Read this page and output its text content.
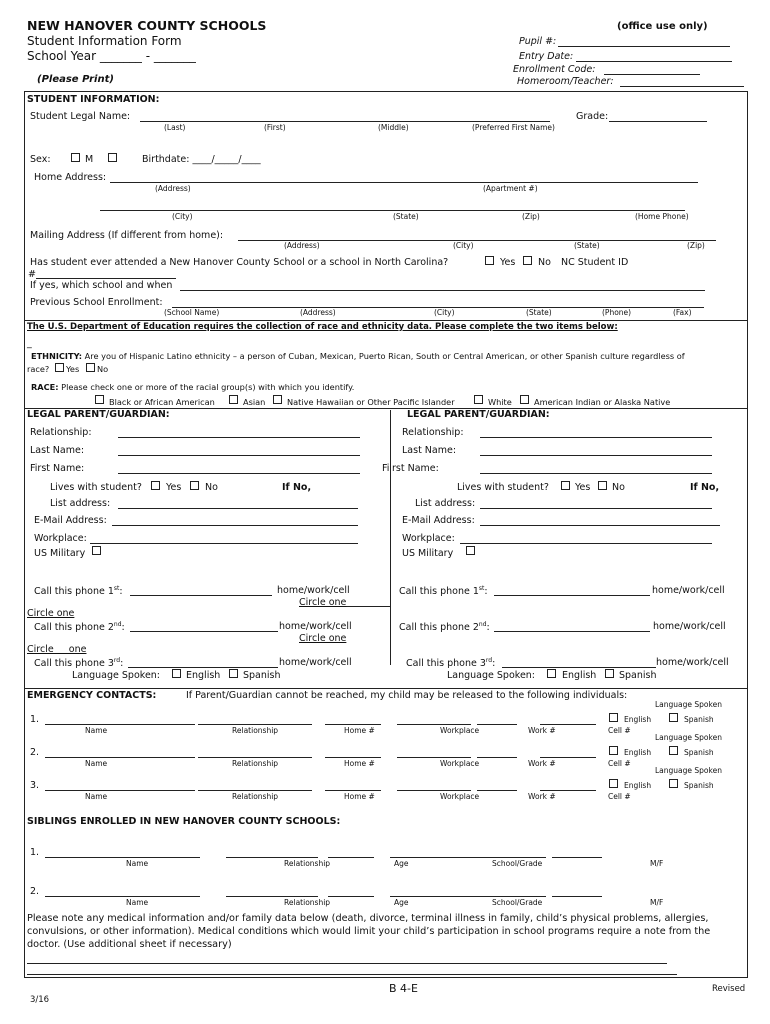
NEW HANOVER COUNTY SCHOOLS
Student Information Form
School Year _______ - _______
(Please Print)
(office use only)
Pupil #:
Entry Date:
Enrollment Code:
Homeroom/Teacher:
STUDENT INFORMATION:
Student Legal Name:	Grade:
(Last)	(First)	(Middle)	(Preferred First Name)
Sex:	M	Birthdate: ____/_____/____
Home Address:
(Address)	(Apartment #)
(City)	(State)	(Zip)	(Home Phone)
Mailing Address (If different from home):
(Address)	(City)	(State)	(Zip)
Has student ever attended a New Hanover County School or a school in North Carolina?	Yes No NC Student ID
#
If yes, which school and when
Previous School Enrollment:
(School Name)	(Address)	(City)	(State)	(Phone)	(Fax)
The U.S. Department of Education requires the collection of race and ethnicity data. Please complete the two items below:
_
ETHNICITY: Are you of Hispanic Latino ethnicity – a person of Cuban, Mexican, Puerto Rican, South or Central American, or other Spanish culture regardless of
race? Yes No
RACE: Please check one or more of the racial group(s) with which you identify.
Black or African American	Asian	Native Hawaiian or Other Pacific Islander	White	American Indian or Alaska Native
LEGAL PARENT/GUARDIAN:
Relationship:
Last Name:
First Name:
Lives with student?	Yes No	If No,
List address:
E-Mail Address:
Workplace:
US Military
Call this phone 1st:	home/work/cell
Circle one
Circle one
Call this phone 2nd:	home/work/cell
Circle one
Circle     one
Call this phone 3rd:	home/work/cell
Language Spoken:	English Spanish
LEGAL PARENT/GUARDIAN:
Relationship:
Last Name:
Fi rst Name:
Lives with student?	Yes No	If No,
List address:
E-Mail Address:
Workplace:
US Military
Call this phone 1st:	home/work/cell
Call this phone 2nd:	home/work/cell
Call this phone 3rd:	home/work/cell
Language Spoken:	English Spanish
EMERGENCY CONTACTS:	If Parent/Guardian cannot be reached, my child may be released to the following individuals:
1.
Name	Relationship	Home #	Workplace	Work #	Cell #
Language Spoken
English	Spanish
2.
Name	Relationship	Home #	Workplace	Work #	Cell #
Language Spoken
English	Spanish
3.
Name	Relationship	Home #	Workplace	Work #	Cell #
Language Spoken
English	Spanish
SIBLINGS ENROLLED IN NEW HANOVER COUNTY SCHOOLS:
1.
Name	Relationship	Age	School/Grade	M/F
2.
Name	Relationship	Age	School/Grade	M/F
Please note any medical information and/or family data below (death, divorce, terminal illness in family, child’s physical problems, allergies,
convulsions, or other information). Medical conditions which would limit your child’s participation in school programs require a note from the
doctor. (Use additional sheet if necessary)
B 4-E	Revised
3/16
